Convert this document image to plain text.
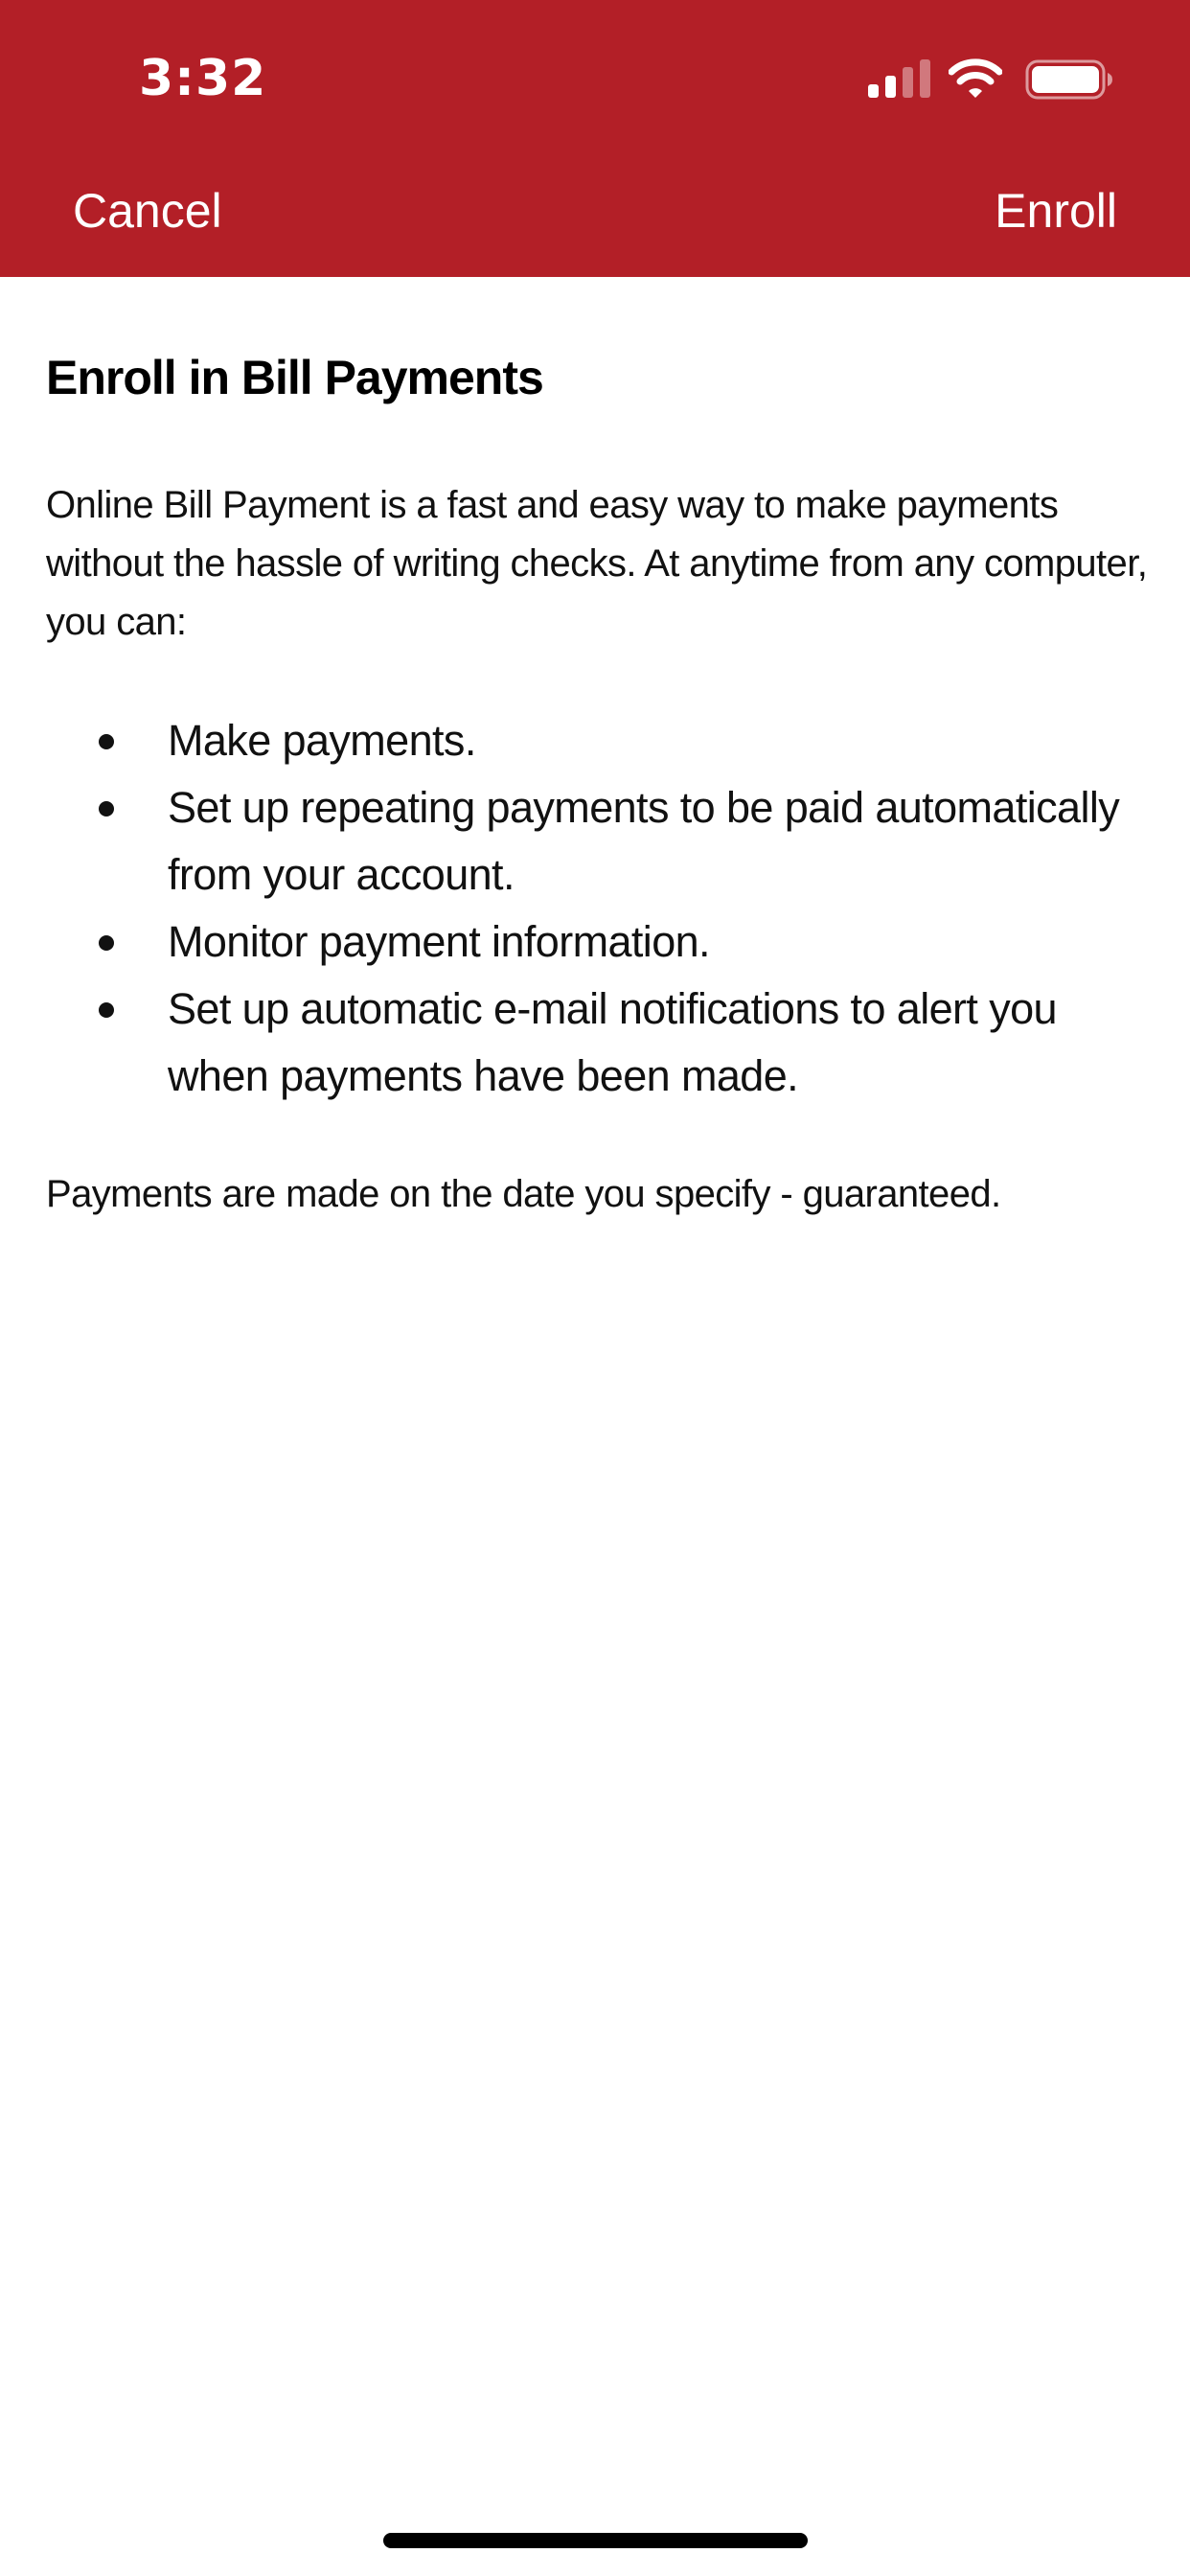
3:32
Cancel	Enroll
Enroll in Bill Payments

Online Bill Payment is a fast and easy way to make payments without the hassle of writing checks. At anytime from any computer, you can:

Make payments.
Set up repeating payments to be paid automatically from your account.
Monitor payment information.
Set up automatic e-mail notifications to alert you when payments have been made.

Payments are made on the date you specify - guaranteed.
